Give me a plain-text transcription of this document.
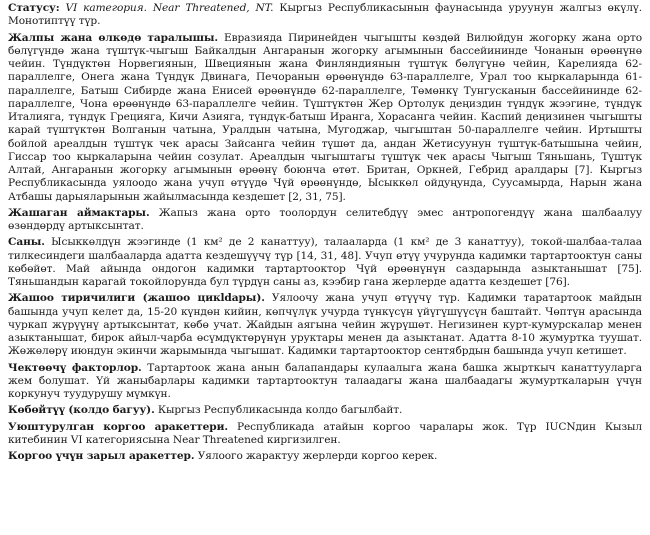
Статусу: VI категория. Near Threatened, NT. Кыргыз Республикасынын фаунасында уруунун жалгыз өкүлү. Монотиптүү түр.

Жалпы жана өлкөдө таралышы. Евразияда Пиринейден чыгышты көздөй Вилюйдун жогорку жана орто бөлүгүндө жана түштүк-чыгыш Байкалдын Ангаранын жогорку агымынын бассейининде Чонанын өрөөнүнө чейин. Түндүктөн Норвегиянын, Швециянын жана Финляндиянын түштүк бөлүгүнө чейин, Карелияда 62-параллелге, Онега жана Түндүк Двинага, Печоранын өрөөнүндө 63-параллелге, Урал тоо кыркаларында 61-параллелге, Батыш Сибирде жана Енисей өрөөнүндө 62-параллелге, Төмөнкү Тунгусканын бассейининде 62-параллелге, Чона өрөөнүндө 63-параллелге чейин. Түштүктөн Жер Ортолук деңиздин түндүк жээгине, түндүк Италияга, түндүк Грецияга, Кичи Азияга, түндүк-батыш Иранга, Хорасанга чейин. Каспий деңизинен чыгышты карай түштүктөн Волганын чатына, Уралдын чатына, Мугоджар, чыгыштан 50-параллелге чейин. Иртышты бойлой ареалдын түштүк чек арасы Зайсанга чейин түшөт да, андан Жетисуунун түштүк-батышына чейин, Гиссар тоо кыркаларына чейин созулат. Ареалдын чыгыштагы түштүк чек арасы Чыгыш Тяньшань, Түштүк Алтай, Ангаранын жогорку агымынын өрөөнү боюнча өтөт. Британ, Оркней, Гебрид аралдары [7]. Кыргыз Республикасында уялоодо жана учуп өтүүдө Чүй өрөөнүндө, Ысыккөл ойдуңунда, Суусамырда, Нарын жана Атбашы дарыяларынын жайылмасында кездешет [2, 31, 75].

Жашаган аймактары. Жапыз жана орто тоолордун селитебдүү эмес антропогендүү жана шалбаалуу өзөндөрдү артыксынтат.

Саны. Ысыккөлдүн жээгинде (1 км² де 2 канаттуу), талааларда (1 км² де 3 канаттуу), токой-шалбаа-талаа тилкесиндеги шалбааларда адатта кездешүүчү түр [14, 31, 48]. Учуп өтүү учурунда кадимки тартартооктун саны көбөйөт. Май айында ондогон кадимки тартартооктор Чүй өрөөнүнүн саздарында азыктанышат [75]. Тяньшандын карагай токойлорунда бул түрдүн саны аз, кээбир гана жерлерде адатта кездешет [76].

Жашоо тиричилиги (жашоо цикldары). Уялоочу жана учуп өтүүчү түр. Кадимки таратартоок майдын башында учуп келет да, 15-20 күндөн кийин, көпчүлүк учурда түнкүсүн үйүгүшүүсүн баштайт. Чөптүн арасында чуркап жүрүүнү артыксынтат, көбө учат. Жайдын аягына чейин жүрүшөт. Негизинен курт-кумурскалар менен азыктанышат, бирок айыл-чарба өсүмдүктөрүнүн уруктары менен да азыктанат. Адатта 8-10 жумуртка туушат. Жөжөлөрү июндун экинчи жарымында чыгышат. Кадимки тартартооктор сентябрдын башында учуп кетишет.

Чектөөчү факторлор. Тартартоок жана анын балапандары кулаалыга жана башка жырткыч канаттууларга жем болушат. Үй жаныбарлары кадимки тартартооктун талаадагы жана шалбаадагы жумурткаларын үчүн коркунуч туудурушу мүмкүн.

Көбөйтүү (колдо багуу). Кыргыз Республикасында колдо багылбайт.

Уюштурулган коргоо аракеттери. Республикада атайын коргоо чаралары жок. Түр IUCNдин Кызыл китебинин VI категориясына Near Threatened киргизилген.

Коргоо үчүн зарыл аракеттер. Уялоого жарактуу жерлерди коргоо керек.
